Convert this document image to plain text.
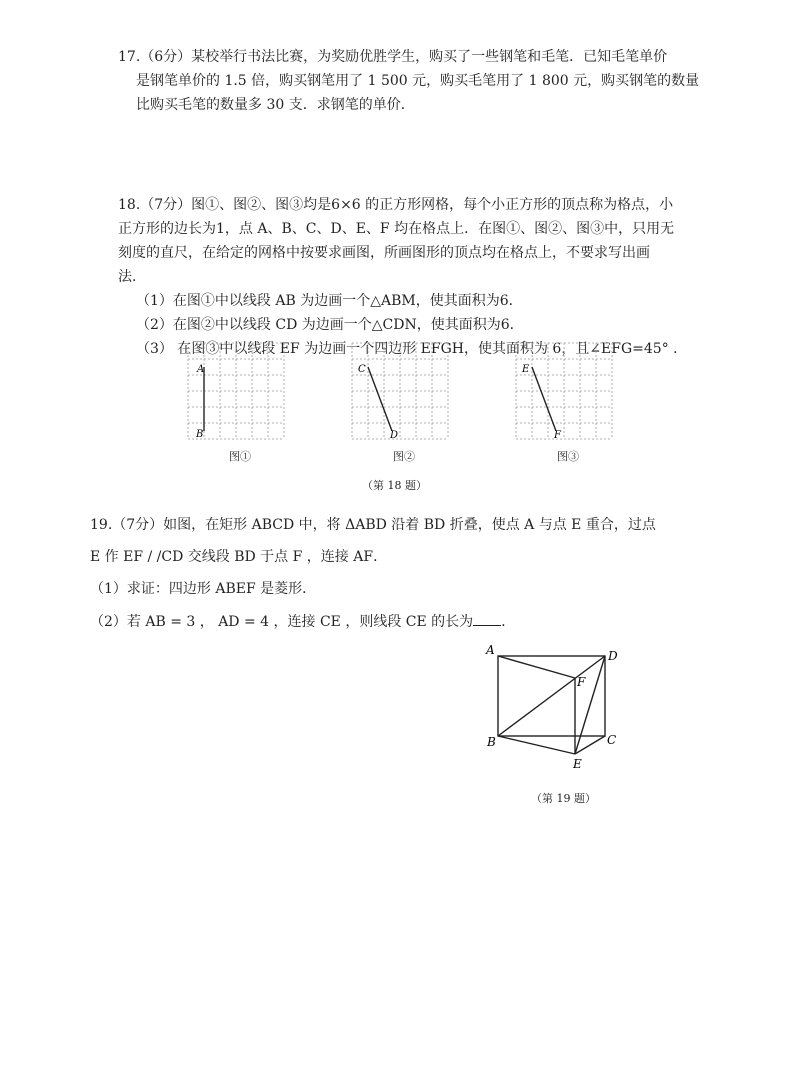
17.（6分）某校举行书法比赛，为奖励优胜学生，购买了一些钢笔和毛笔．已知毛笔单价
是钢笔单价的 1.5 倍，购买钢笔用了 1 500 元，购买毛笔用了 1 800 元，购买钢笔的数量
比购买毛笔的数量多 30 支．求钢笔的单价．
18.（7分）图①、图②、图③均是6×6 的正方形网格，每个小正方形的顶点称为格点，小
正方形的边长为1，点 A、B、C、D、E、F 均在格点上．在图①、图②、图③中，只用无
刻度的直尺，在给定的网格中按要求画图，所画图形的顶点均在格点上，不要求写出画
法．
（1）在图①中以线段 AB 为边画一个△ABM，使其面积为6．
（2）在图②中以线段 CD 为边画一个△CDN，使其面积为6．
（3） 在图③中以线段 EF 为边画一个四边形 EFGH，使其面积为 6，且∠EFG=45° ．
A
B
图①
C
D
图②
E
F
图③
（第 18 题）
19.（7分）如图，在矩形 ABCD 中，将 ΔABD 沿着 BD 折叠，使点 A 与点 E 重合，过点
E 作 EF / /CD 交线段 BD 于点 F ，连接 AF．
（1）求证：四边形 ABEF 是菱形．
（2）若 AB = 3 ， AD = 4 ，连接 CE ，则线段 CE 的长为 ．
A	D
F
B	C
E
（第 19 题）
